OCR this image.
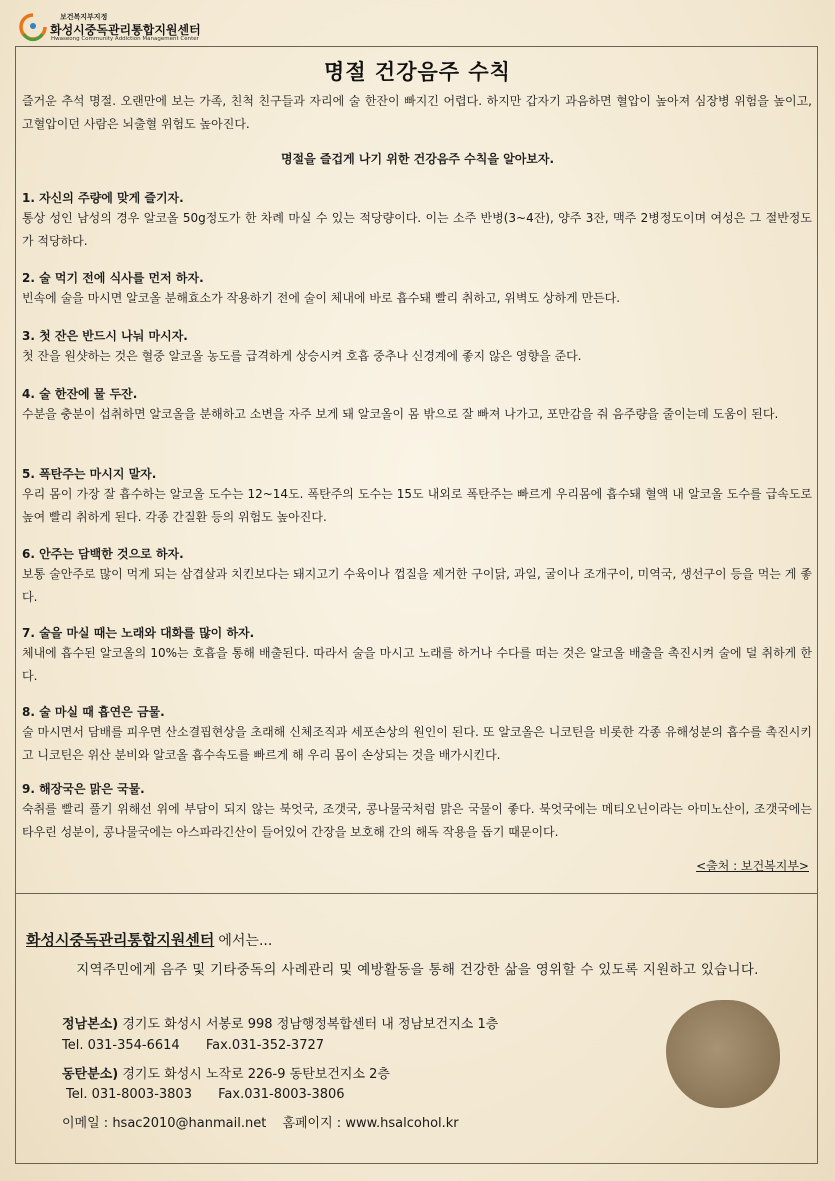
보건복지부지정
화성시중독관리통합지원센터
Hwaseong Community Addiction Management Center
명절 건강음주 수칙
즐거운 추석 명절. 오랜만에 보는 가족, 친척 친구들과 자리에 술 한잔이 빠지긴 어렵다. 하지만 갑자기 과음하면 혈압이 높아져 심장병 위험을 높이고, 고혈압이던 사람은 뇌출혈 위험도 높아진다.
명절을 즐겁게 나기 위한 건강음주 수칙을 알아보자.
1. 자신의 주량에 맞게 즐기자.
통상 성인 남성의 경우 알코올 50g정도가 한 차례 마실 수 있는 적당량이다. 이는 소주 반병(3~4잔), 양주 3잔, 맥주 2병정도이며 여성은 그 절반정도가 적당하다.
2. 술 먹기 전에 식사를 먼저 하자.
빈속에 술을 마시면 알코올 분해효소가 작용하기 전에 술이 체내에 바로 흡수돼 빨리 취하고, 위벽도 상하게 만든다.
3. 첫 잔은 반드시 나눠 마시자.
첫 잔을 원샷하는 것은 혈중 알코올 농도를 급격하게 상승시켜 호흡 중추나 신경계에 좋지 않은 영향을 준다.
4. 술 한잔에 물 두잔.
수분을 충분이 섭취하면 알코올을 분해하고 소변을 자주 보게 돼 알코올이 몸 밖으로 잘 빠져 나가고, 포만감을 줘 음주량을 줄이는데 도움이 된다.
5. 폭탄주는 마시지 말자.
우리 몸이 가장 잘 흡수하는 알코올 도수는 12~14도. 폭탄주의 도수는 15도 내외로 폭탄주는 빠르게 우리몸에 흡수돼 혈액 내 알코올 도수를 급속도로 높여 빨리 취하게 된다. 각종 간질환 등의 위험도 높아진다.
6. 안주는 담백한 것으로 하자.
보통 술안주로 많이 먹게 되는 삼겹살과 치킨보다는 돼지고기 수육이나 껍질을 제거한 구이닭, 과일, 굴이나 조개구이, 미역국, 생선구이 등을 먹는 게 좋다.
7. 술을 마실 때는 노래와 대화를 많이 하자.
체내에 흡수된 알코올의 10%는 호흡을 통해 배출된다. 따라서 술을 마시고 노래를 하거나 수다를 떠는 것은 알코올 배출을 촉진시켜 술에 덜 취하게 한다.
8. 술 마실 때 흡연은 금물.
술 마시면서 담배를 피우면 산소결핍현상을 초래해 신체조직과 세포손상의 원인이 된다. 또 알코올은 니코틴을 비롯한 각종 유해성분의 흡수를 촉진시키고 니코틴은 위산 분비와 알코올 흡수속도를 빠르게 해 우리 몸이 손상되는 것을 배가시킨다.
9. 해장국은 맑은 국물.
숙취를 빨리 풀기 위해선 위에 부담이 되지 않는 북엇국, 조갯국, 콩나물국처럼 맑은 국물이 좋다. 북엇국에는 메티오닌이라는 아미노산이, 조갯국에는 타우린 성분이, 콩나물국에는 아스파라긴산이 들어있어 간장을 보호해 간의 해독 작용을 돕기 때문이다.
<출처 : 보건복지부>
화성시중독관리통합지원센터 에서는...
지역주민에게 음주 및 기타중독의 사례관리 및 예방활동을 통해 건강한 삶을 영위할 수 있도록 지원하고 있습니다.
정남본소) 경기도 화성시 서봉로 998 정남행정복합센터 내 정남보건지소 1층
Tel. 031-354-6614 Fax.031-352-3727
동탄분소) 경기도 화성시 노작로 226-9 동탄보건지소 2층
Tel. 031-8003-3803 Fax.031-8003-3806
이메일 : hsac2010@hanmail.net 홈페이지 : www.hsalcohol.kr
